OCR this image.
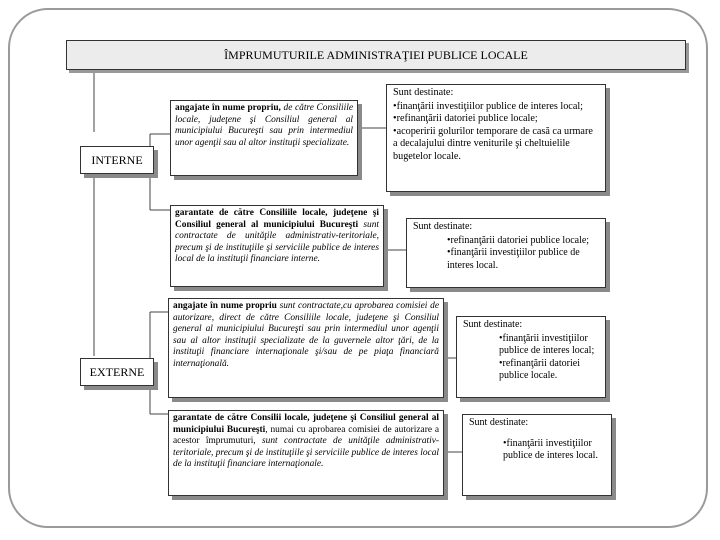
ÎMPRUMUTURILE ADMINISTRAŢIEI PUBLICE LOCALE
INTERNE
EXTERNE
angajate în nume propriu, de către Consiliile locale, judeţene şi Consiliul general al municipiului Bucureşti sau prin intermediul unor agenţii sau al altor instituţii specializate.
garantate de către Consiliile locale, judeţene şi Consiliul general al municipiului Bucureşti sunt contractate de unităţile administrativ-teritoriale, precum şi de instituţiile şi serviciile publice de interes local de la instituţii financiare interne.
angajate în nume propriu sunt contractate,cu aprobarea comisiei de autorizare, direct de către Consiliile locale, judeţene şi Consiliul general al municipiului Bucureşti sau prin intermediul unor agenţii sau al altor instituţii specializate de la guvernele altor ţări, de la instituţii financiare internaţionale şi/sau de pe piaţa financiară internaţională.
garantate de către Consilii locale, judeţene şi Consiliul general al municipiului Bucureşti, numai cu aprobarea comisiei de autorizare a acestor împrumuturi, sunt contractate de unităţile administrativ-teritoriale, precum şi de instituţiile şi serviciile publice de interes local de la instituţii financiare internaţionale.
Sunt destinate:
• finanţării investiţiilor publice de interes local;
• refinanţării datoriei publice locale;
• acoperirii golurilor temporare de casă ca urmare a decalajului dintre veniturile şi cheltuielile bugetelor locale.
Sunt destinate:
• refinanţării datoriei publice locale;
• finanţării investiţiilor publice de interes local.
Sunt destinate:
• finanţării investiţiilor publice de interes local;
• refinanţării datoriei publice locale.
Sunt destinate:
• finanţării investiţiilor publice de interes local.
